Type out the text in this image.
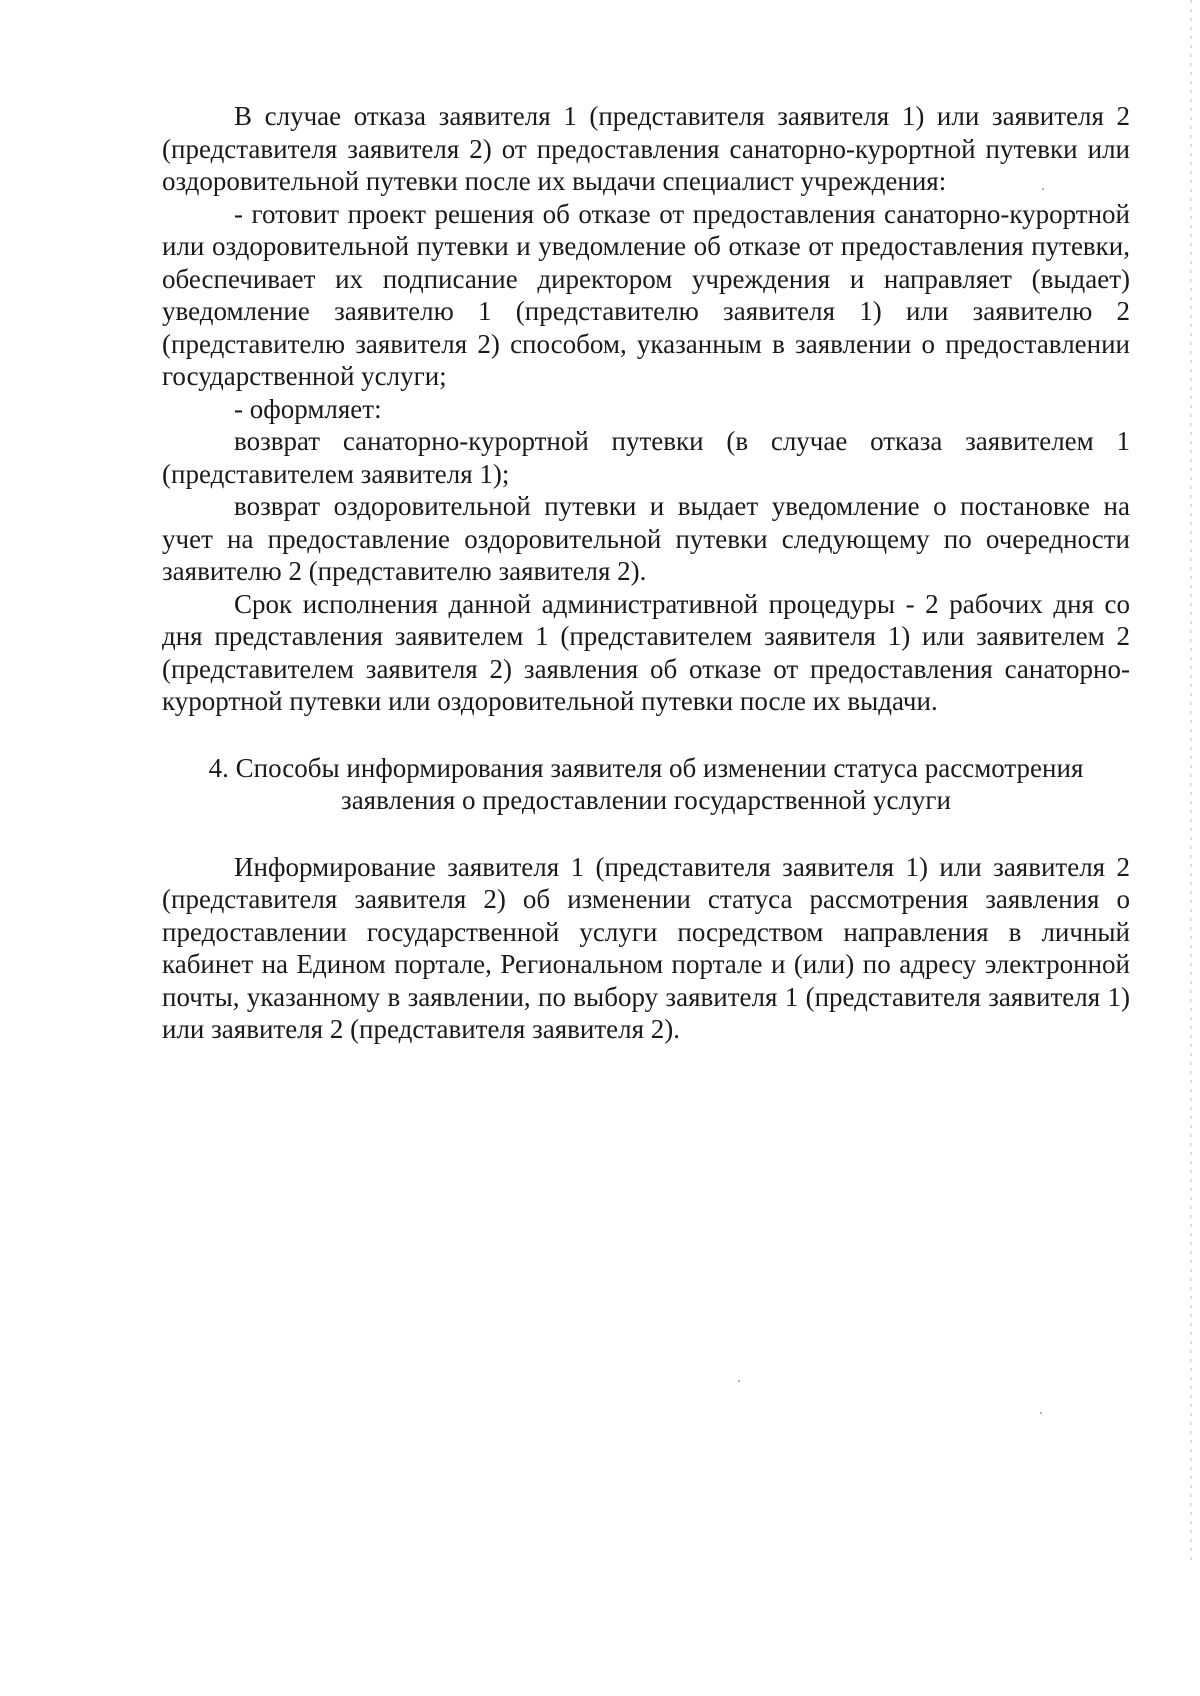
В случае отказа заявителя 1 (представителя заявителя 1) или заявителя 2 (представителя заявителя 2) от предоставления санаторно-курортной путевки или оздоровительной путевки после их выдачи специалист учреждения:

- готовит проект решения об отказе от предоставления санаторно-курортной или оздоровительной путевки и уведомление об отказе от предоставления путевки, обеспечивает их подписание директором учреждения и направляет (выдает) уведомление заявителю 1 (представителю заявителя 1) или заявителю 2 (представителю заявителя 2) способом, указанным в заявлении о предоставлении государственной услуги;

- оформляет:

возврат санаторно-курортной путевки (в случае отказа заявителем 1 (представителем заявителя 1);

возврат оздоровительной путевки и выдает уведомление о постановке на учет на предоставление оздоровительной путевки следующему по очередности заявителю 2 (представителю заявителя 2).

Срок исполнения данной административной процедуры - 2 рабочих дня со дня представления заявителем 1 (представителем заявителя 1) или заявителем 2 (представителем заявителя 2) заявления об отказе от предоставления санаторно-курортной путевки или оздоровительной путевки после их выдачи.

4. Способы информирования заявителя об изменении статуса рассмотрения

заявления о предоставлении государственной услуги

Информирование заявителя 1 (представителя заявителя 1) или заявителя 2 (представителя заявителя 2) об изменении статуса рассмотрения заявления о предоставлении государственной услуги посредством направления в личный кабинет на Едином портале, Региональном портале и (или) по адресу электронной почты, указанному в заявлении, по выбору заявителя 1 (представителя заявителя 1) или заявителя 2 (представителя заявителя 2).
